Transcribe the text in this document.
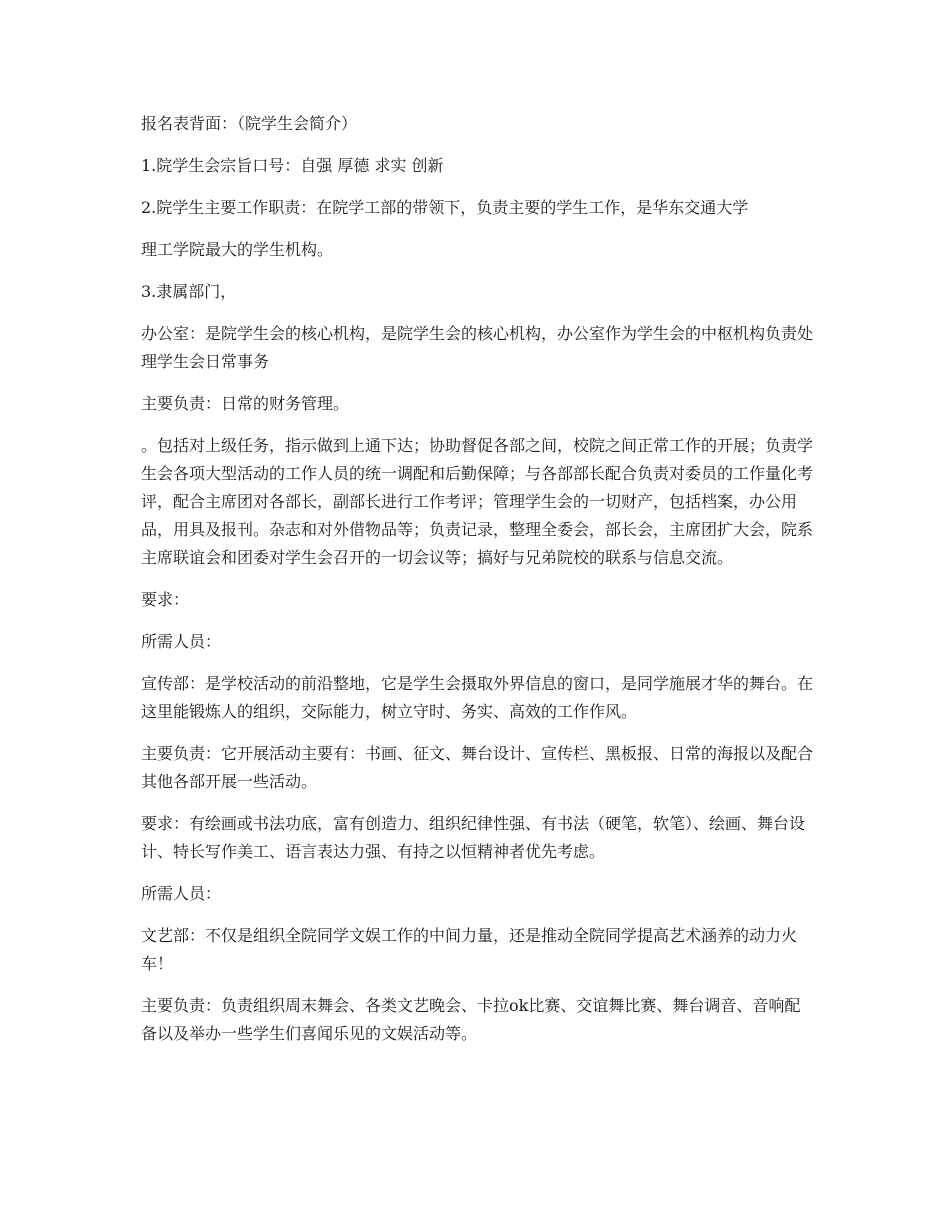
报名表背面：（院学生会简介）

1.院学生会宗旨口号：自强 厚德 求实 创新

2.院学生主要工作职责：在院学工部的带领下，负责主要的学生工作，是华东交通大学

理工学院最大的学生机构。

3.隶属部门，

办公室：是院学生会的核心机构，是院学生会的核心机构，办公室作为学生会的中枢机构负责处理学生会日常事务

主要负责：日常的财务管理。

。包括对上级任务，指示做到上通下达；协助督促各部之间，校院之间正常工作的开展；负责学生会各项大型活动的工作人员的统一调配和后勤保障；与各部部长配合负责对委员的工作量化考评，配合主席团对各部长，副部长进行工作考评；管理学生会的一切财产，包括档案，办公用品，用具及报刊。杂志和对外借物品等；负责记录，整理全委会，部长会，主席团扩大会，院系主席联谊会和团委对学生会召开的一切会议等；搞好与兄弟院校的联系与信息交流。

要求：

所需人员：

宣传部：是学校活动的前沿整地，它是学生会摄取外界信息的窗口，是同学施展才华的舞台。在这里能锻炼人的组织，交际能力，树立守时、务实、高效的工作作风。

主要负责：它开展活动主要有：书画、征文、舞台设计、宣传栏、黑板报、日常的海报以及配合其他各部开展一些活动。

要求：有绘画或书法功底，富有创造力、组织纪律性强、有书法（硬笔，软笔）、绘画、舞台设计、特长写作美工、语言表达力强、有持之以恒精神者优先考虑。

所需人员：

文艺部：不仅是组织全院同学文娱工作的中间力量，还是推动全院同学提高艺术涵养的动力火车！

主要负责：负责组织周末舞会、各类文艺晚会、卡拉ok比赛、交谊舞比赛、舞台调音、音响配备以及举办一些学生们喜闻乐见的文娱活动等。
